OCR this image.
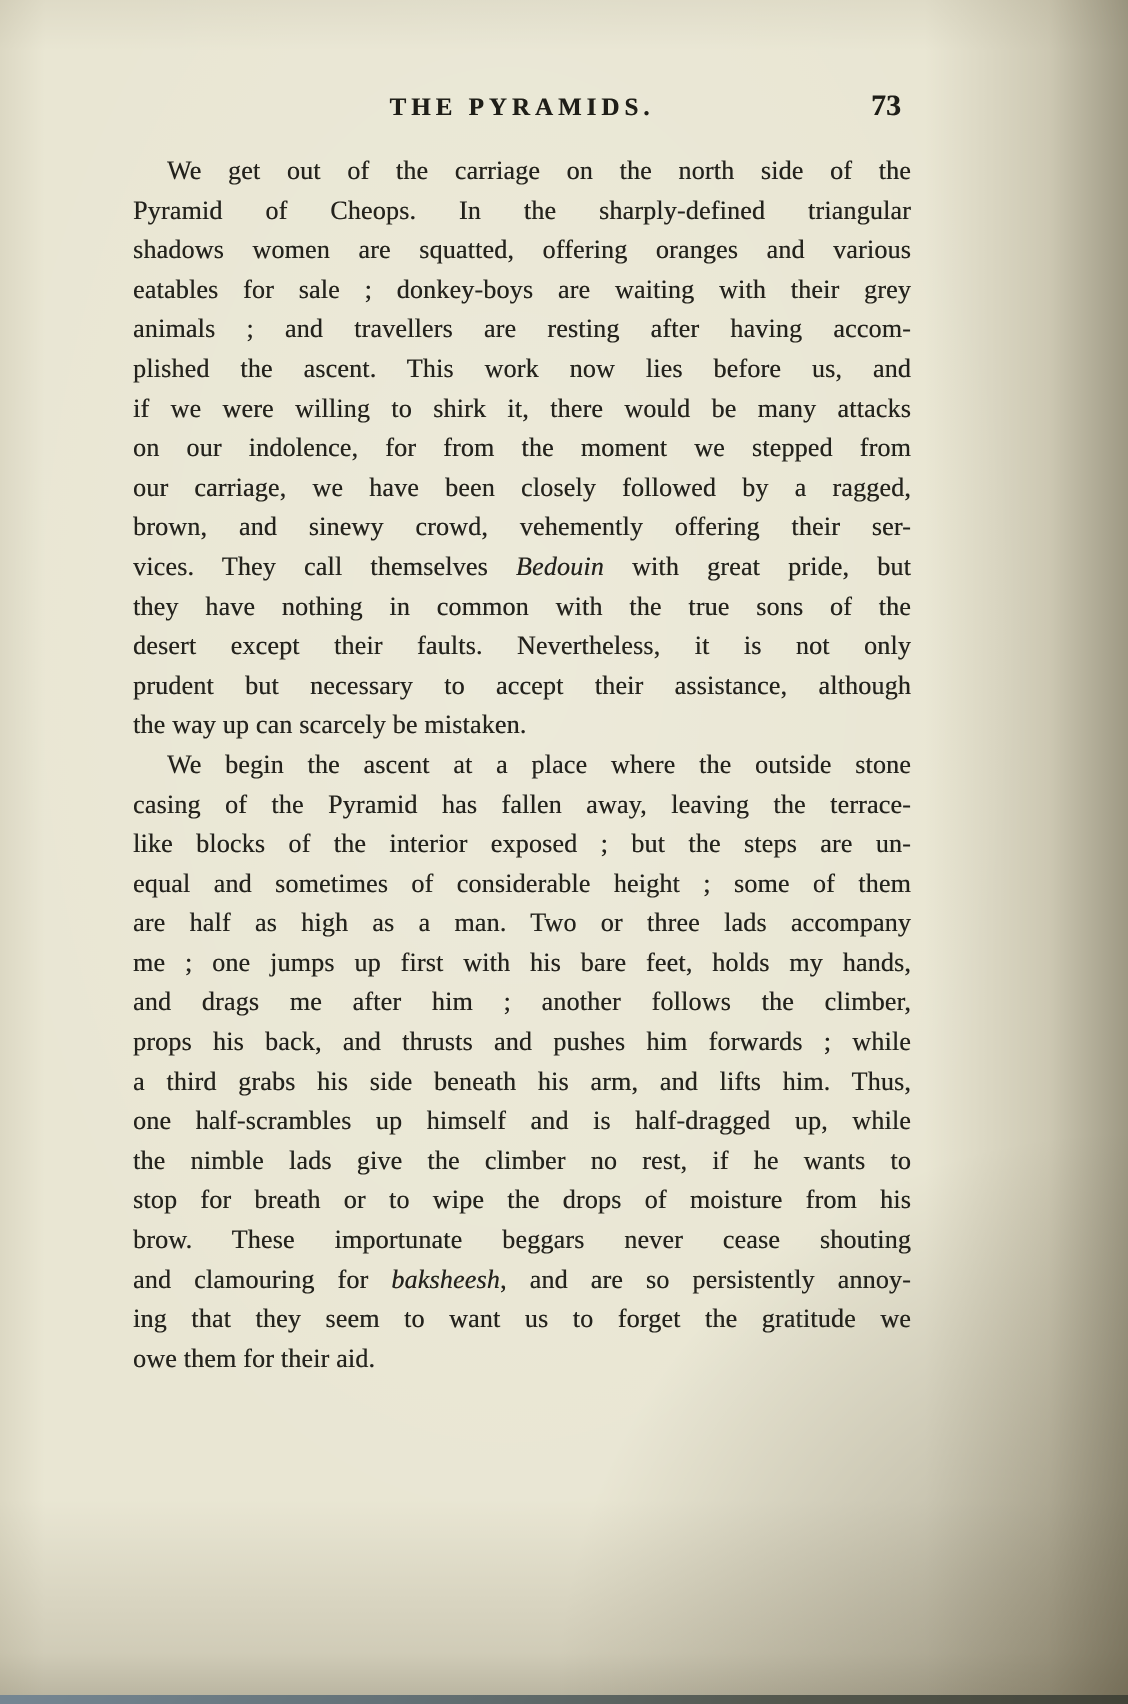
THE PYRAMIDS.	73
We get out of the carriage on the north side of the
Pyramid of Cheops. In the sharply-defined triangular
shadows women are squatted, offering oranges and various
eatables for sale ; donkey-boys are waiting with their grey
animals ; and travellers are resting after having accom-
plished the ascent. This work now lies before us, and
if we were willing to shirk it, there would be many attacks
on our indolence, for from the moment we stepped from
our carriage, we have been closely followed by a ragged,
brown, and sinewy crowd, vehemently offering their ser-
vices. They call themselves Bedouin with great pride, but
they have nothing in common with the true sons of the
desert except their faults. Nevertheless, it is not only
prudent but necessary to accept their assistance, although
the way up can scarcely be mistaken.
We begin the ascent at a place where the outside stone
casing of the Pyramid has fallen away, leaving the terrace-
like blocks of the interior exposed ; but the steps are un-
equal and sometimes of considerable height ; some of them
are half as high as a man. Two or three lads accompany
me ; one jumps up first with his bare feet, holds my hands,
and drags me after him ; another follows the climber,
props his back, and thrusts and pushes him forwards ; while
a third grabs his side beneath his arm, and lifts him. Thus,
one half-scrambles up himself and is half-dragged up, while
the nimble lads give the climber no rest, if he wants to
stop for breath or to wipe the drops of moisture from his
brow. These importunate beggars never cease shouting
and clamouring for baksheesh, and are so persistently annoy-
ing that they seem to want us to forget the gratitude we
owe them for their aid.
